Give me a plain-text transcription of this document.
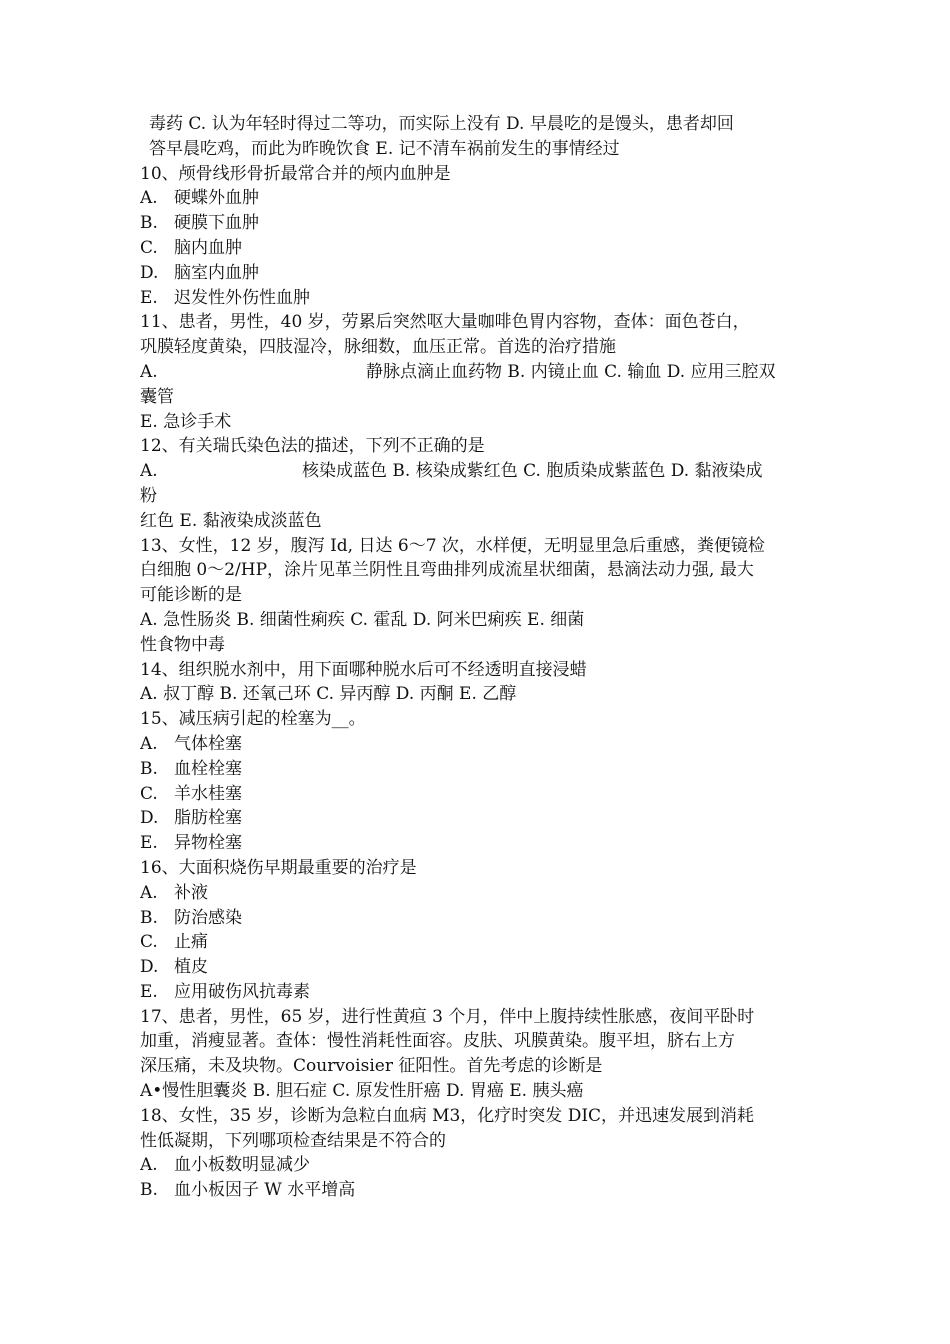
毒药 C. 认为年轻时得过二等功，而实际上没有 D. 早晨吃的是馒头，患者却回
答早晨吃鸡，而此为昨晚饮食 E. 记不清车祸前发生的事情经过
10、颅骨线形骨折最常合并的颅内血肿是
A. 硬蝶外血肿
B. 硬膜下血肿
C. 脑内血肿
D. 脑室内血肿
E. 迟发性外伤性血肿
11、患者，男性，40 岁，劳累后突然呕大量咖啡色胃内容物，查体：面色苍白，
巩膜轻度黄染，四肢湿冷，脉细数，血压正常。首选的治疗措施
A.	静脉点滴止血药物 B. 内镜止血 C. 输血 D. 应用三腔双
囊管
E. 急诊手术
12、有关瑞氏染色法的描述，下列不正确的是
A.	核染成蓝色 B. 核染成紫红色 C. 胞质染成紫蓝色 D. 黏液染成
粉
红色 E. 黏液染成淡蓝色
13、女性，12 岁，腹泻 Id, 日达 6〜7 次，水样便，无明显里急后重感，粪便镜检
白细胞 0〜2/HP，涂片见革兰阴性且弯曲排列成流星状细菌，悬滴法动力强, 最大
可能诊断的是
A. 急性肠炎 B. 细菌性痢疾 C. 霍乱 D. 阿米巴痢疾 E. 细菌
性食物中毒
14、组织脱水剂中，用下面哪种脱水后可不经透明直接浸蜡
A. 叔丁醇 B. 还氧己环 C. 异丙醇 D. 丙酮 E. 乙醇
15、减压病引起的栓塞为__。
A. 气体栓塞
B. 血栓栓塞
C. 羊水桂塞
D. 脂肪栓塞
E. 异物栓塞
16、大面积烧伤早期最重要的治疗是
A. 补液
B. 防治感染
C. 止痛
D. 植皮
E. 应用破伤风抗毒素
17、患者，男性，65 岁，进行性黄疸 3 个月，伴中上腹持续性胀感，夜间平卧时
加重，消瘦显著。查体：慢性消耗性面容。皮肤、巩膜黄染。腹平坦，脐右上方
深压痛，未及块物。Courvoisier 征阳性。首先考虑的诊断是
A•慢性胆囊炎 B. 胆石症 C. 原发性肝癌 D. 胃癌 E. 胰头癌
18、女性，35 岁，诊断为急粒白血病 M3，化疗时突发 DIC，并迅速发展到消耗
性低凝期，下列哪项检查结果是不符合的
A. 血小板数明显减少
B. 血小板因子 W 水平增高
